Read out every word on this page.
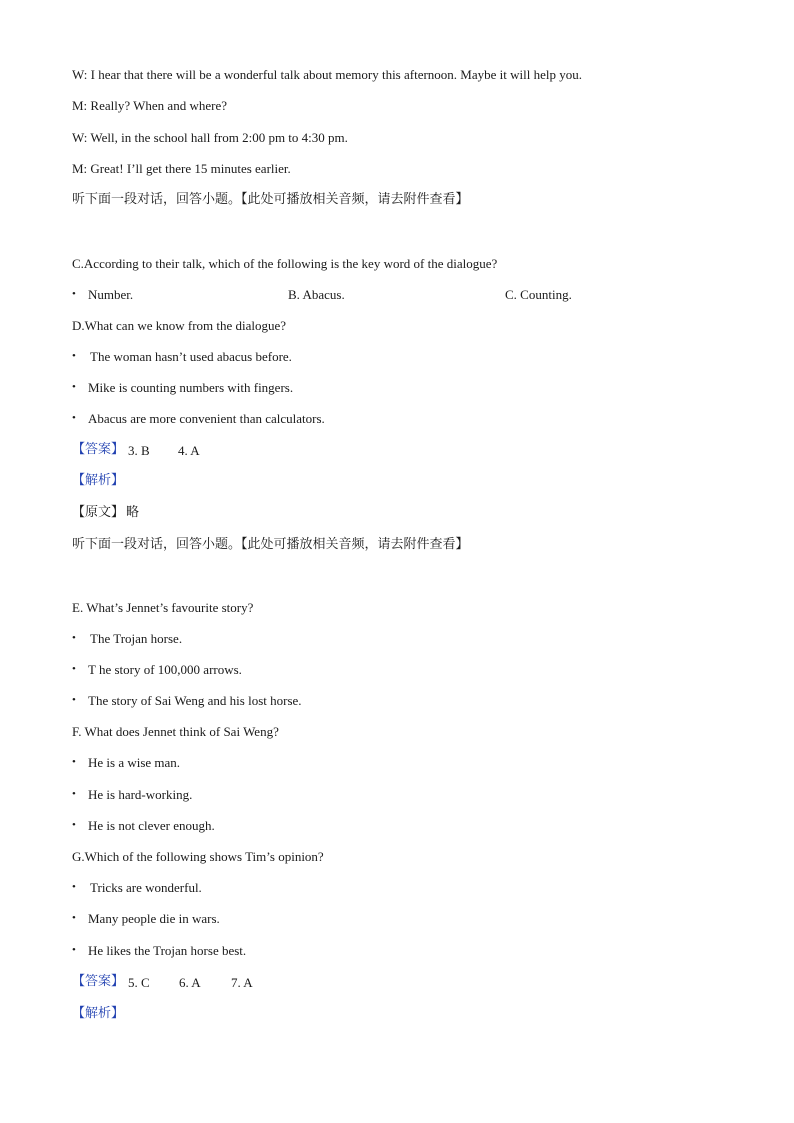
W: I hear that there will be a wonderful talk about memory this afternoon. Maybe it will help you.
M: Really? When and where?
W: Well, in the school hall from 2:00 pm to 4:30 pm.
M: Great! I’ll get there 15 minutes earlier.
听下面一段对话，回答小题。【此处可播放相关音频，请去附件查看】
C.According to their talk, which of the following is the key word of the dialogue?
• Number.	B. Abacus.	C. Counting.
D.What can we know from the dialogue?
• The woman hasn’t used abacus before.
• Mike is counting numbers with fingers.
• Abacus are more convenient than calculators.
【答案】 3. B 4. A
【解析】
【原文】 略
听下面一段对话，回答小题。【此处可播放相关音频，请去附件查看】
E. What’s Jennet’s favourite story?
• The Trojan horse.
• T he story of 100,000 arrows.
• The story of Sai Weng and his lost horse.
F. What does Jennet think of Sai Weng?
• He is a wise man.
• He is hard-working.
• He is not clever enough.
G.Which of the following shows Tim’s opinion?
• Tricks are wonderful.
• Many people die in wars.
• He likes the Trojan horse best.
【答案】 5. C 6. A 7. A
【解析】
